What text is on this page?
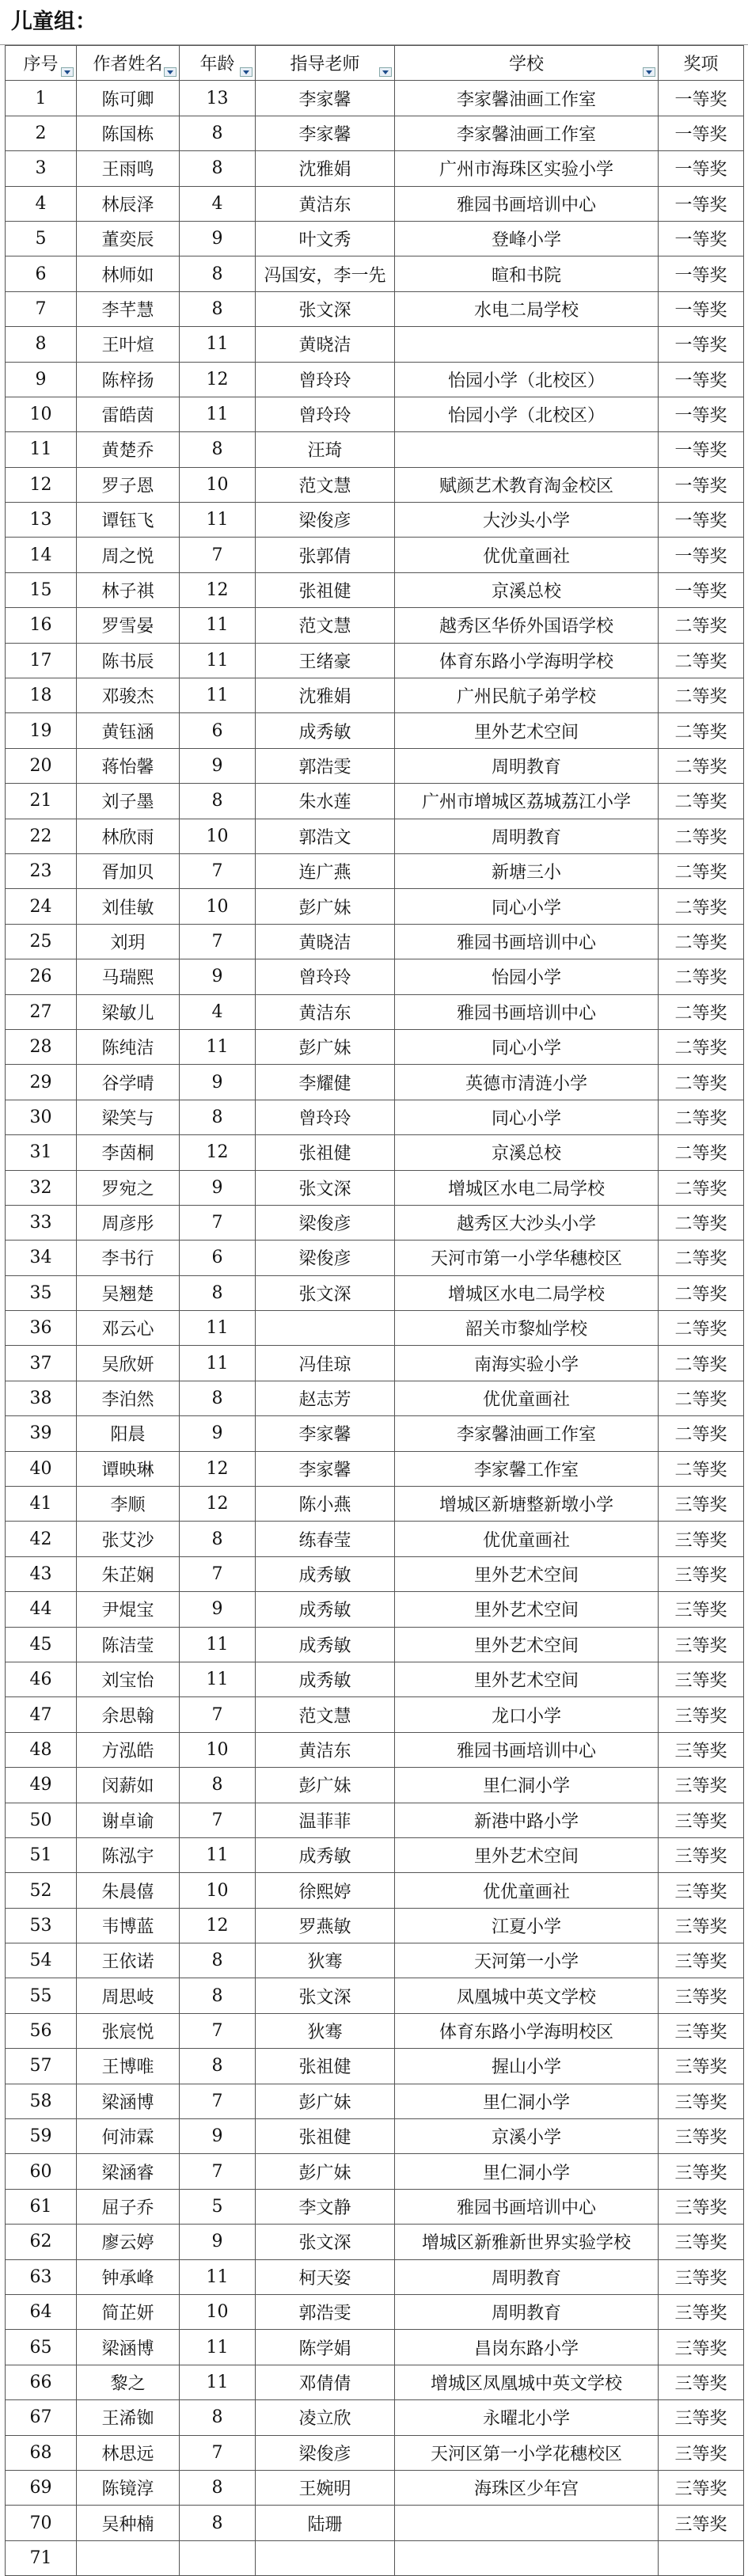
儿童组：
序号	作者姓名	年龄	指导老师	学校	奖项
1	陈可卿	13	李家馨	李家馨油画工作室	一等奖
2	陈国栋	8	李家馨	李家馨油画工作室	一等奖
3	王雨鸣	8	沈雅娟	广州市海珠区实验小学	一等奖
4	林辰泽	4	黄洁东	雅园书画培训中心	一等奖
5	董奕辰	9	叶文秀	登峰小学	一等奖
6	林师如	8	冯国安，李一先	暄和书院	一等奖
7	李芊慧	8	张文深	水电二局学校	一等奖
8	王叶煊	11	黄晓洁		一等奖
9	陈梓扬	12	曾玲玲	怡园小学（北校区）	一等奖
10	雷皓茵	11	曾玲玲	怡园小学（北校区）	一等奖
11	黄楚乔	8	汪琦		一等奖
12	罗子恩	10	范文慧	赋颜艺术教育淘金校区	一等奖
13	谭钰飞	11	梁俊彦	大沙头小学	一等奖
14	周之悦	7	张郭倩	优优童画社	一等奖
15	林子祺	12	张祖健	京溪总校	一等奖
16	罗雪晏	11	范文慧	越秀区华侨外国语学校	二等奖
17	陈书辰	11	王绪豪	体育东路小学海明学校	二等奖
18	邓骏杰	11	沈雅娟	广州民航子弟学校	二等奖
19	黄钰涵	6	成秀敏	里外艺术空间	二等奖
20	蒋怡馨	9	郭浩雯	周明教育	二等奖
21	刘子墨	8	朱水莲	广州市增城区荔城荔江小学	二等奖
22	林欣雨	10	郭浩文	周明教育	二等奖
23	胥加贝	7	连广燕	新塘三小	二等奖
24	刘佳敏	10	彭广妹	同心小学	二等奖
25	刘玥	7	黄晓洁	雅园书画培训中心	二等奖
26	马瑞熙	9	曾玲玲	怡园小学	二等奖
27	梁敏儿	4	黄洁东	雅园书画培训中心	二等奖
28	陈纯洁	11	彭广妹	同心小学	二等奖
29	谷学晴	9	李耀健	英德市清涟小学	二等奖
30	梁笑与	8	曾玲玲	同心小学	二等奖
31	李茵桐	12	张祖健	京溪总校	二等奖
32	罗宛之	9	张文深	增城区水电二局学校	二等奖
33	周彦彤	7	梁俊彦	越秀区大沙头小学	二等奖
34	李书行	6	梁俊彦	天河市第一小学华穗校区	二等奖
35	吴翘楚	8	张文深	增城区水电二局学校	二等奖
36	邓云心	11		韶关市黎灿学校	二等奖
37	吴欣妍	11	冯佳琼	南海实验小学	二等奖
38	李泊然	8	赵志芳	优优童画社	二等奖
39	阳晨	9	李家馨	李家馨油画工作室	二等奖
40	谭映琳	12	李家馨	李家馨工作室	二等奖
41	李顺	12	陈小燕	增城区新塘整新墩小学	三等奖
42	张艾沙	8	练春莹	优优童画社	三等奖
43	朱芷娴	7	成秀敏	里外艺术空间	三等奖
44	尹焜宝	9	成秀敏	里外艺术空间	三等奖
45	陈洁莹	11	成秀敏	里外艺术空间	三等奖
46	刘宝怡	11	成秀敏	里外艺术空间	三等奖
47	余思翰	7	范文慧	龙口小学	三等奖
48	方泓皓	10	黄洁东	雅园书画培训中心	三等奖
49	闵薪如	8	彭广妹	里仁洞小学	三等奖
50	谢卓谕	7	温菲菲	新港中路小学	三等奖
51	陈泓宇	11	成秀敏	里外艺术空间	三等奖
52	朱晨僖	10	徐熙婷	优优童画社	三等奖
53	韦博蓝	12	罗燕敏	江夏小学	三等奖
54	王依诺	8	狄骞	天河第一小学	三等奖
55	周思岐	8	张文深	凤凰城中英文学校	三等奖
56	张宸悦	7	狄骞	体育东路小学海明校区	三等奖
57	王博唯	8	张祖健	握山小学	三等奖
58	梁涵博	7	彭广妹	里仁洞小学	三等奖
59	何沛霖	9	张祖健	京溪小学	三等奖
60	梁涵睿	7	彭广妹	里仁洞小学	三等奖
61	屈子乔	5	李文静	雅园书画培训中心	三等奖
62	廖云婷	9	张文深	增城区新雅新世界实验学校	三等奖
63	钟承峰	11	柯天姿	周明教育	三等奖
64	简芷妍	10	郭浩雯	周明教育	三等奖
65	梁涵博	11	陈学娟	昌岗东路小学	三等奖
66	黎之	11	邓倩倩	增城区凤凰城中英文学校	三等奖
67	王浠铷	8	凌立欣	永曜北小学	三等奖
68	林思远	7	梁俊彦	天河区第一小学花穗校区	三等奖
69	陈镜淳	8	王婉明	海珠区少年宫	三等奖
70	吴种楠	8	陆珊		三等奖
71					
